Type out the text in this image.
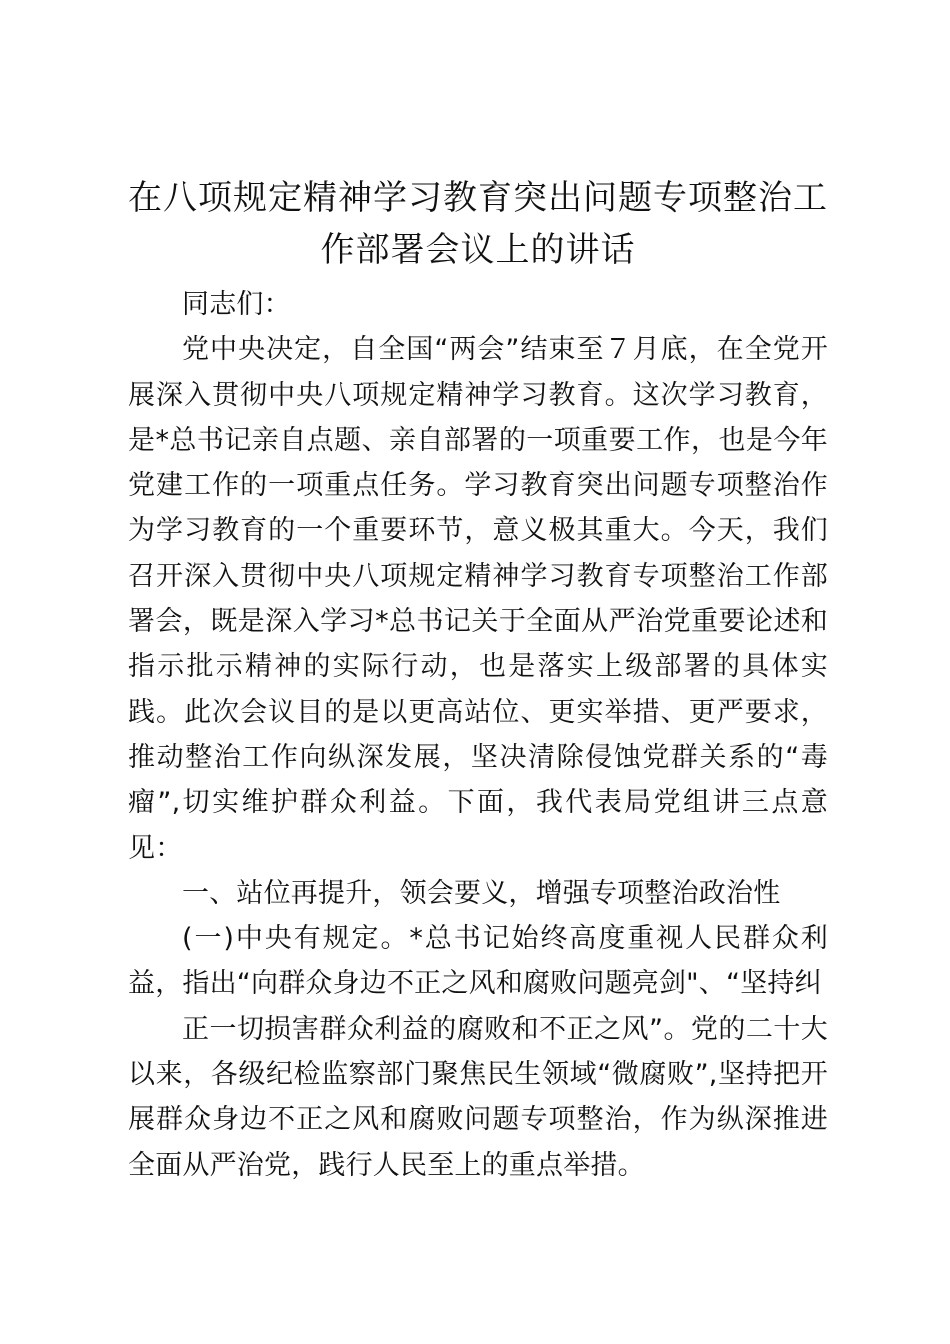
在八项规定精神学习教育突出问题专项整治工作部署会议上的讲话

同志们：

党中央决定，自全国“两会”结束至７月底，在全党开展深入贯彻中央八项规定精神学习教育。这次学习教育，是*总书记亲自点题、亲自部署的一项重要工作，也是今年党建工作的一项重点任务。学习教育突出问题专项整治作为学习教育的一个重要环节，意义极其重大。今天，我们召开深入贯彻中央八项规定精神学习教育专项整治工作部署会，既是深入学习*总书记关于全面从严治党重要论述和指示批示精神的实际行动，也是落实上级部署的具体实践。此次会议目的是以更高站位、更实举措、更严要求，推动整治工作向纵深发展，坚决清除侵蚀党群关系的“毒瘤”,切实维护群众利益。下面，我代表局党组讲三点意见：

一、站位再提升，领会要义，增强专项整治政治性

(一)中央有规定。*总书记始终高度重视人民群众利益，指出“向群众身边不正之风和腐败问题亮剑"、“坚持纠

正一切损害群众利益的腐败和不正之风”。党的二十大以来，各级纪检监察部门聚焦民生领域“微腐败”,坚持把开展群众身边不正之风和腐败问题专项整治，作为纵深推进全面从严治党，践行人民至上的重点举措。
